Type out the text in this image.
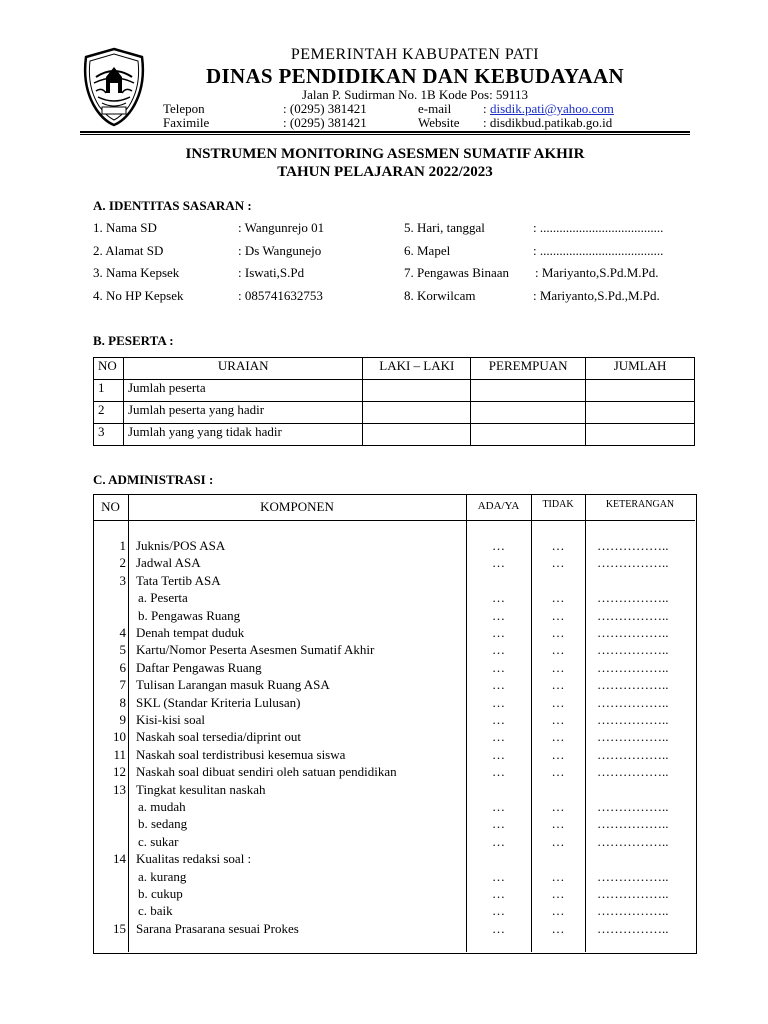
PEMERINTAH KABUPATEN PATI
DINAS PENDIDIKAN DAN KEBUDAYAAN
Jalan P. Sudirman No. 1B Kode Pos: 59113
Telepon	: (0295) 381421	e-mail : disdik.pati@yahoo.com
Faximile	: (0295) 381421	Website : disdikbud.patikab.go.id
INSTRUMEN MONITORING ASESMEN SUMATIF AKHIR
TAHUN PELAJARAN 2022/2023
A. IDENTITAS SASARAN :
1. Nama SD	: Wangunrejo 01
2. Alamat SD	: Ds Wangunejo
3. Nama Kepsek	: Iswati,S.Pd
4. No HP Kepsek	: 085741632753
5. Hari, tanggal	: ......................................
6. Mapel	: ......................................
7. Pengawas Binaan : Mariyanto,S.Pd.M.Pd.
8. Korwilcam	: Mariyanto,S.Pd.,M.Pd.
B. PESERTA :
NO	URAIAN	LAKI – LAKI	PEREMPUAN	JUMLAH
1	Jumlah peserta			
2	Jumlah peserta yang hadir			
3	Jumlah yang yang tidak hadir			
C. ADMINISTRASI :
NO	KOMPONEN	ADA/YA	TIDAK	KETERANGAN
1 Juknis/POS ASA	…	…	……………..
2 Jadwal ASA	…	…	……………..
3 Tata Tertib ASA
a. Peserta	…	…	……………..
b. Pengawas Ruang	…	…	……………..
4 Denah tempat duduk	…	…	……………..
5 Kartu/Nomor Peserta Asesmen Sumatif Akhir	…	…	……………..
6 Daftar Pengawas Ruang	…	…	……………..
7 Tulisan Larangan masuk Ruang ASA	…	…	……………..
8 SKL (Standar Kriteria Lulusan)	…	…	……………..
9 Kisi-kisi soal	…	…	……………..
10 Naskah soal tersedia/diprint out	…	…	……………..
11 Naskah soal terdistribusi kesemua siswa	…	…	……………..
12 Naskah soal dibuat sendiri oleh satuan pendidikan	…	…	……………..
13 Tingkat kesulitan naskah
a. mudah	…	…	……………..
b. sedang	…	…	……………..
c. sukar	…	…	……………..
14 Kualitas redaksi soal :
a. kurang	…	…	……………..
b. cukup	…	…	……………..
c. baik	…	…	……………..
15 Sarana Prasarana sesuai Prokes	…	…	……………..
